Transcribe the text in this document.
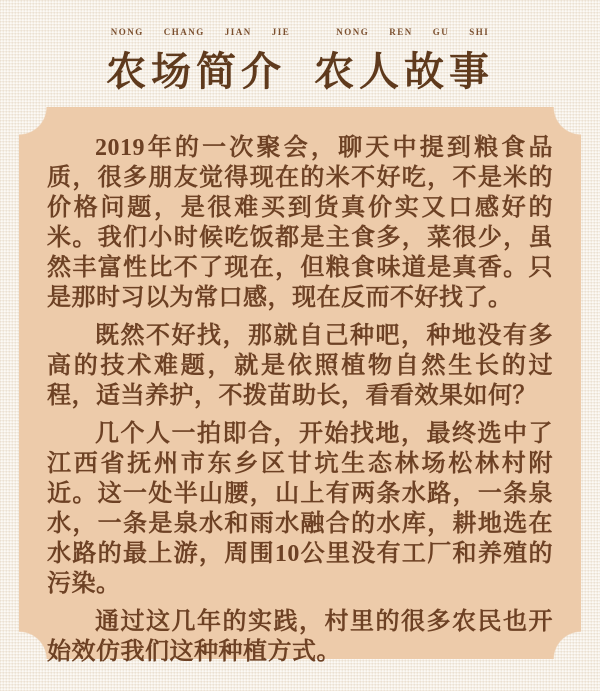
NONG CHANG JIAN JIE	NONG REN GU SHI
农场简介 农人故事

2019年的一次聚会，聊天中提到粮食品质，很多朋友觉得现在的米不好吃，不是米的价格问题，是很难买到货真价实又口感好的米。我们小时候吃饭都是主食多，菜很少，虽然丰富性比不了现在，但粮食味道是真香。只是那时习以为常口感，现在反而不好找了。

既然不好找，那就自己种吧，种地没有多高的技术难题，就是依照植物自然生长的过程，适当养护，不拨苗助长，看看效果如何？

几个人一拍即合，开始找地，最终选中了江西省抚州市东乡区甘坑生态林场松林村附近。这一处半山腰，山上有两条水路，一条泉水，一条是泉水和雨水融合的水库，耕地选在水路的最上游，周围10公里没有工厂和养殖的污染。

通过这几年的实践，村里的很多农民也开始效仿我们这种种植方式。
